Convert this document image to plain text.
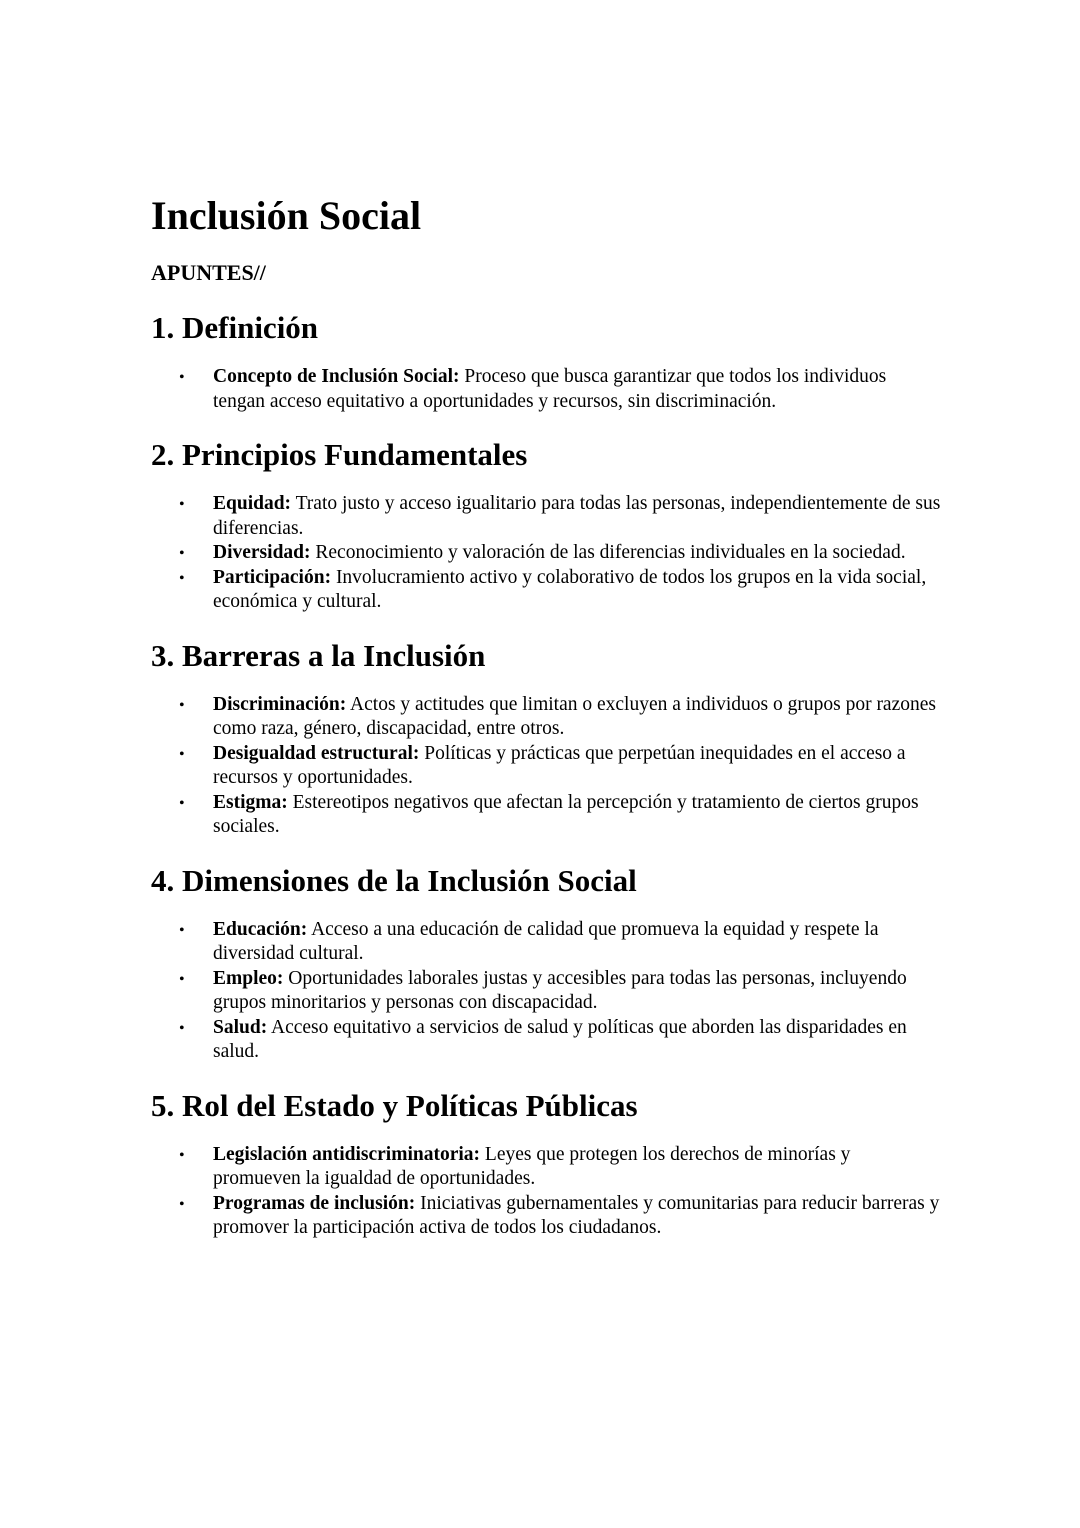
Inclusión Social
APUNTES//
1. Definición
• Concepto de Inclusión Social: Proceso que busca garantizar que todos los individuos tengan acceso equitativo a oportunidades y recursos, sin discriminación.
2. Principios Fundamentales
• Equidad: Trato justo y acceso igualitario para todas las personas, independientemente de sus diferencias.
• Diversidad: Reconocimiento y valoración de las diferencias individuales en la sociedad.
• Participación: Involucramiento activo y colaborativo de todos los grupos en la vida social, económica y cultural.
3. Barreras a la Inclusión
• Discriminación: Actos y actitudes que limitan o excluyen a individuos o grupos por razones como raza, género, discapacidad, entre otros.
• Desigualdad estructural: Políticas y prácticas que perpetúan inequidades en el acceso a recursos y oportunidades.
• Estigma: Estereotipos negativos que afectan la percepción y tratamiento de ciertos grupos sociales.
4. Dimensiones de la Inclusión Social
• Educación: Acceso a una educación de calidad que promueva la equidad y respete la diversidad cultural.
• Empleo: Oportunidades laborales justas y accesibles para todas las personas, incluyendo grupos minoritarios y personas con discapacidad.
• Salud: Acceso equitativo a servicios de salud y políticas que aborden las disparidades en salud.
5. Rol del Estado y Políticas Públicas
• Legislación antidiscriminatoria: Leyes que protegen los derechos de minorías y promueven la igualdad de oportunidades.
• Programas de inclusión: Iniciativas gubernamentales y comunitarias para reducir barreras y promover la participación activa de todos los ciudadanos.
